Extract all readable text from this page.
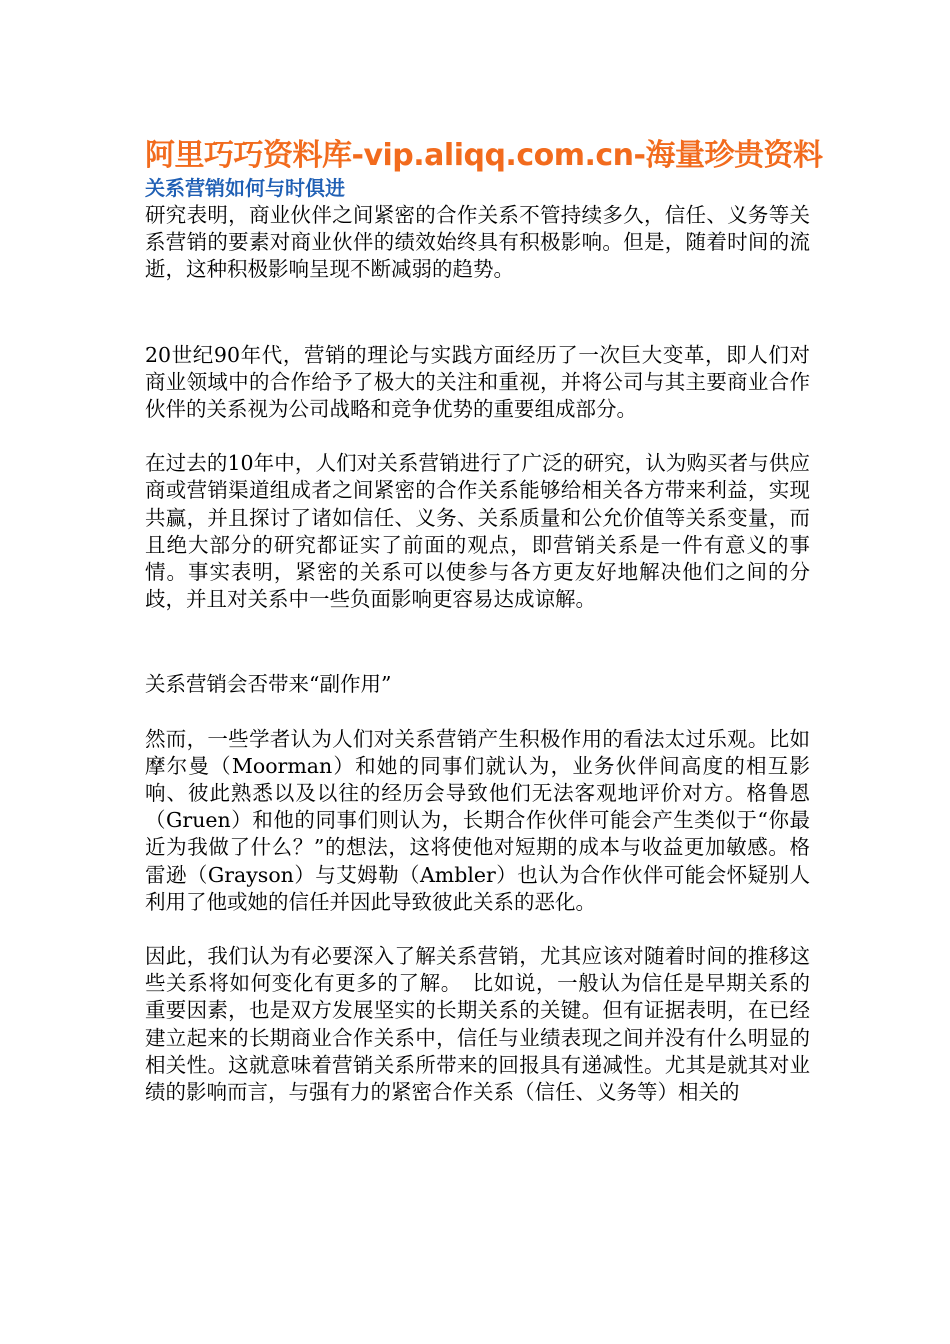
阿里巧巧资料库-vip.aliqq.com.cn-海量珍贵资料
关系营销如何与时俱进

研究表明，商业伙伴之间紧密的合作关系不管持续多久，信任、义务等关系营销的要素对商业伙伴的绩效始终具有积极影响。但是，随着时间的流逝，这种积极影响呈现不断减弱的趋势。

20世纪90年代，营销的理论与实践方面经历了一次巨大变革，即人们对商业领域中的合作给予了极大的关注和重视，并将公司与其主要商业合作伙伴的关系视为公司战略和竞争优势的重要组成部分。

在过去的10年中，人们对关系营销进行了广泛的研究，认为购买者与供应商或营销渠道组成者之间紧密的合作关系能够给相关各方带来利益，实现共赢，并且探讨了诸如信任、义务、关系质量和公允价值等关系变量，而且绝大部分的研究都证实了前面的观点，即营销关系是一件有意义的事情。事实表明，紧密的关系可以使参与各方更友好地解决他们之间的分歧，并且对关系中一些负面影响更容易达成谅解。

关系营销会否带来“副作用”

然而，一些学者认为人们对关系营销产生积极作用的看法太过乐观。比如摩尔曼（Moorman）和她的同事们就认为，业务伙伴间高度的相互影响、彼此熟悉以及以往的经历会导致他们无法客观地评价对方。格鲁恩（Gruen）和他的同事们则认为，长期合作伙伴可能会产生类似于“你最近为我做了什么？”的想法，这将使他对短期的成本与收益更加敏感。格雷逊（Grayson）与艾姆勒（Ambler）也认为合作伙伴可能会怀疑别人利用了他或她的信任并因此导致彼此关系的恶化。

因此，我们认为有必要深入了解关系营销，尤其应该对随着时间的推移这些关系将如何变化有更多的了解。　比如说，一般认为信任是早期关系的重要因素，也是双方发展坚实的长期关系的关键。但有证据表明，在已经建立起来的长期商业合作关系中，信任与业绩表现之间并没有什么明显的相关性。这就意味着营销关系所带来的回报具有递减性。尤其是就其对业绩的影响而言，与强有力的紧密合作关系（信任、义务等）相关的
